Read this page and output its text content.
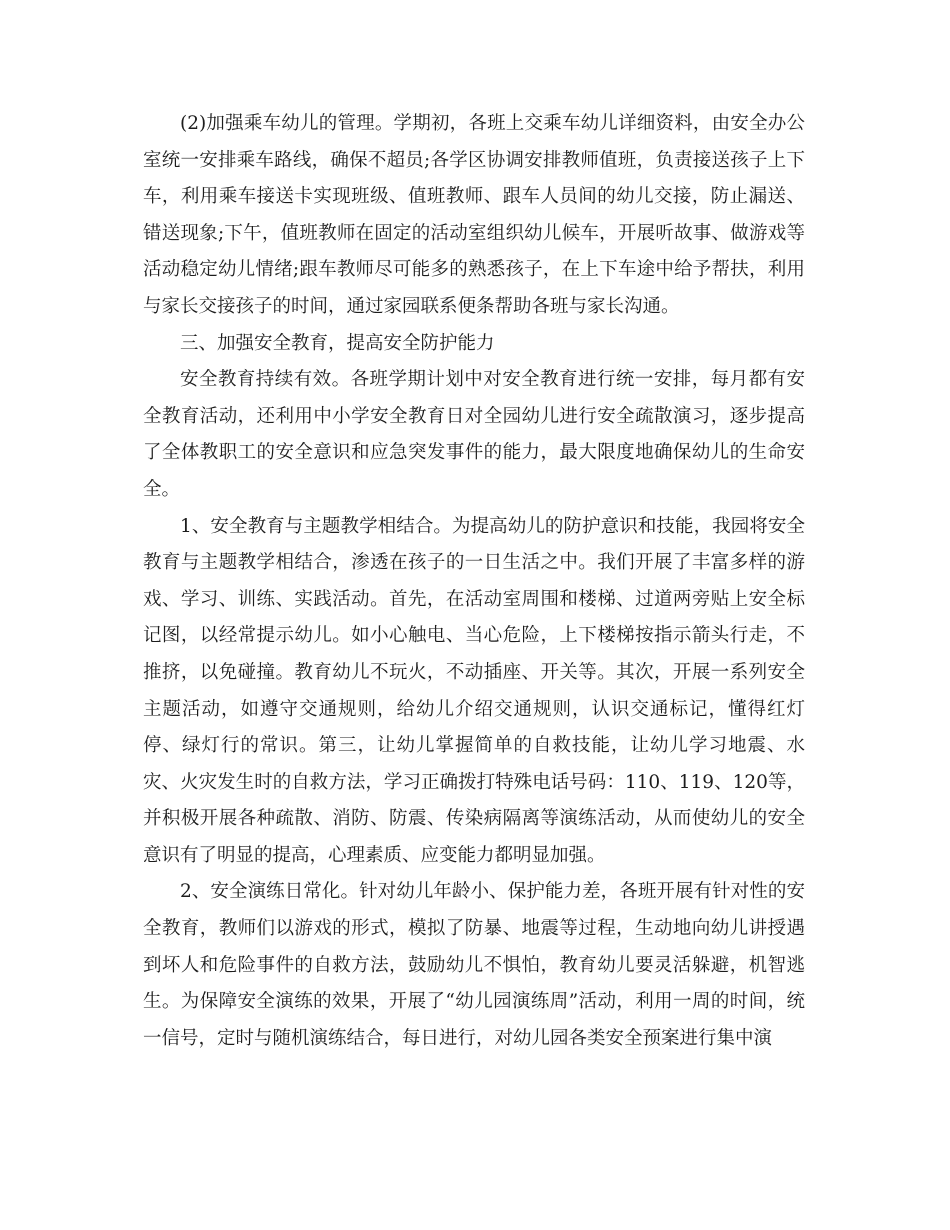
(2)加强乘车幼儿的管理。学期初，各班上交乘车幼儿详细资料，由安全办公室统一安排乘车路线，确保不超员;各学区协调安排教师值班，负责接送孩子上下车，利用乘车接送卡实现班级、值班教师、跟车人员间的幼儿交接，防止漏送、错送现象;下午，值班教师在固定的活动室组织幼儿候车，开展听故事、做游戏等活动稳定幼儿情绪;跟车教师尽可能多的熟悉孩子，在上下车途中给予帮扶，利用与家长交接孩子的时间，通过家园联系便条帮助各班与家长沟通。

三、加强安全教育，提高安全防护能力

安全教育持续有效。各班学期计划中对安全教育进行统一安排，每月都有安全教育活动，还利用中小学安全教育日对全园幼儿进行安全疏散演习，逐步提高了全体教职工的安全意识和应急突发事件的能力，最大限度地确保幼儿的生命安全。

1、安全教育与主题教学相结合。为提高幼儿的防护意识和技能，我园将安全教育与主题教学相结合，渗透在孩子的一日生活之中。我们开展了丰富多样的游戏、学习、训练、实践活动。首先，在活动室周围和楼梯、过道两旁贴上安全标记图，以经常提示幼儿。如小心触电、当心危险，上下楼梯按指示箭头行走，不推挤，以免碰撞。教育幼儿不玩火，不动插座、开关等。其次，开展一系列安全主题活动，如遵守交通规则，给幼儿介绍交通规则，认识交通标记，懂得红灯停、绿灯行的常识。第三，让幼儿掌握简单的自救技能，让幼儿学习地震、水灾、火灾发生时的自救方法，学习正确拨打特殊电话号码：110、119、120等，并积极开展各种疏散、消防、防震、传染病隔离等演练活动，从而使幼儿的安全意识有了明显的提高，心理素质、应变能力都明显加强。

2、安全演练日常化。针对幼儿年龄小、保护能力差，各班开展有针对性的安全教育，教师们以游戏的形式，模拟了防暴、地震等过程，生动地向幼儿讲授遇到坏人和危险事件的自救方法，鼓励幼儿不惧怕，教育幼儿要灵活躲避，机智逃生。为保障安全演练的效果，开展了“幼儿园演练周”活动，利用一周的时间，统一信号，定时与随机演练结合，每日进行，对幼儿园各类安全预案进行集中演
